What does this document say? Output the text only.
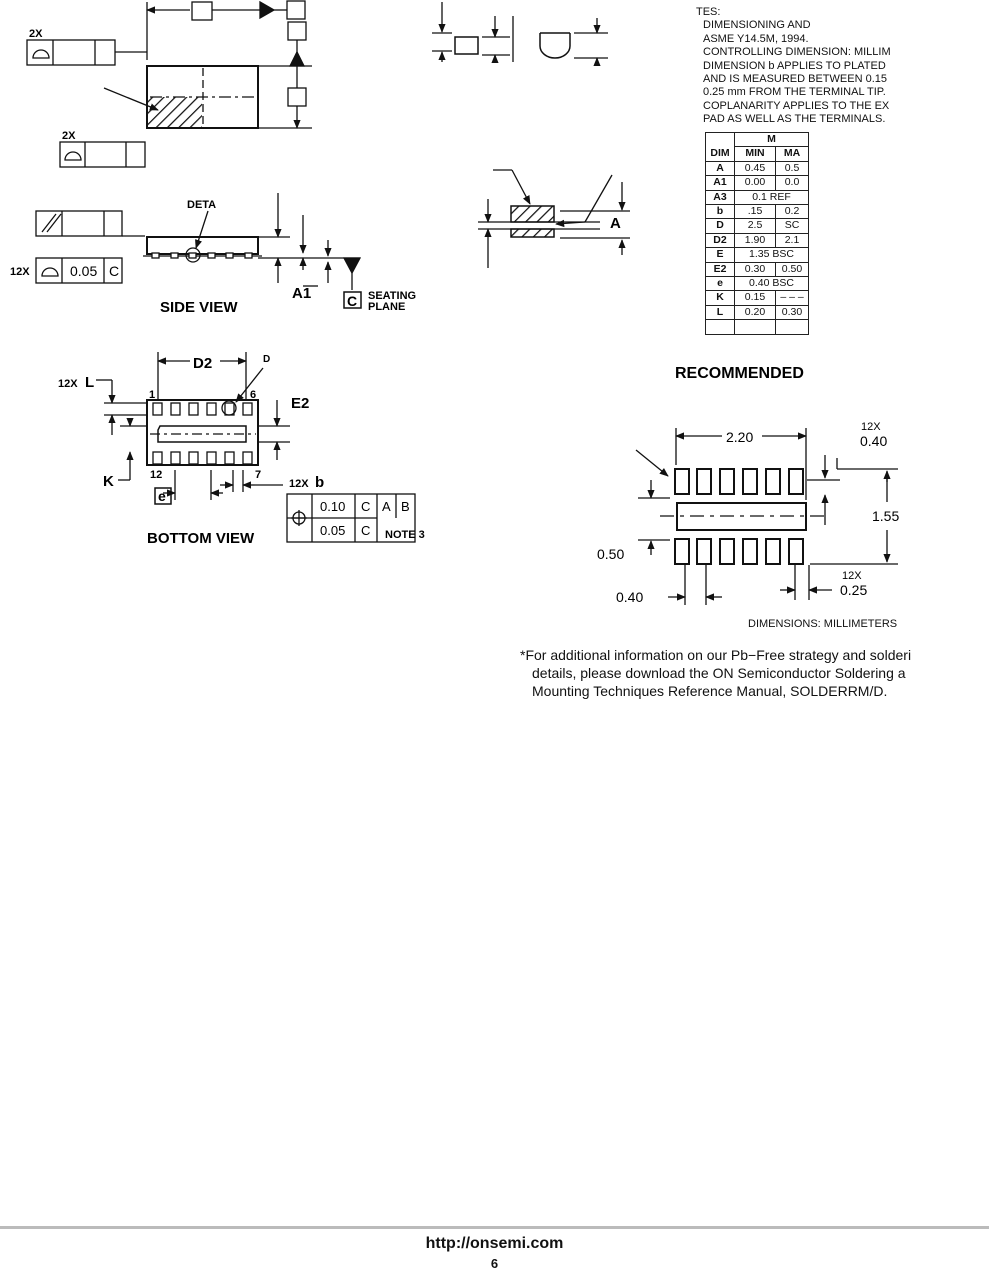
2X
2X
DETA
12X	0.05 C
A1	C SEATING
PLANE
SIDE VIEW
A
D2	D
1	6
12	7
E2
12X L
K
e
12X b
0.10 C A B
0.05 C NOTE 3
BOTTOM VIEW
RECOMMENDED
2.20
12X
0.40
1.55
0.50
12X
0.25
0.40
TES:
DIMENSIONING AND
ASME Y14.5M, 1994.
CONTROLLING DIMENSION: MILLIM
DIMENSION b APPLIES TO PLATED
AND IS MEASURED BETWEEN 0.15
0.25 mm FROM THE TERMINAL TIP.
COPLANARITY APPLIES TO THE EX
PAD AS WELL AS THE TERMINALS.
DIM	M	
	MIN	MA
A	0.45	0.5
A1	0.00	0.0
A3	0.1 REF	
b	.15	0.2
D	2.5	SC
D2	1.90	2.1
E	1.35 BSC	
E2	0.30	0.50
e	0.40 BSC	
K	0.15	– – –
L	0.20	0.30

DIMENSIONS: MILLIMETERS
*For additional information on our Pb−Free strategy and solderi
details, please download the ON Semiconductor Soldering a
Mounting Techniques Reference Manual, SOLDERRM/D.
http://onsemi.com
6
